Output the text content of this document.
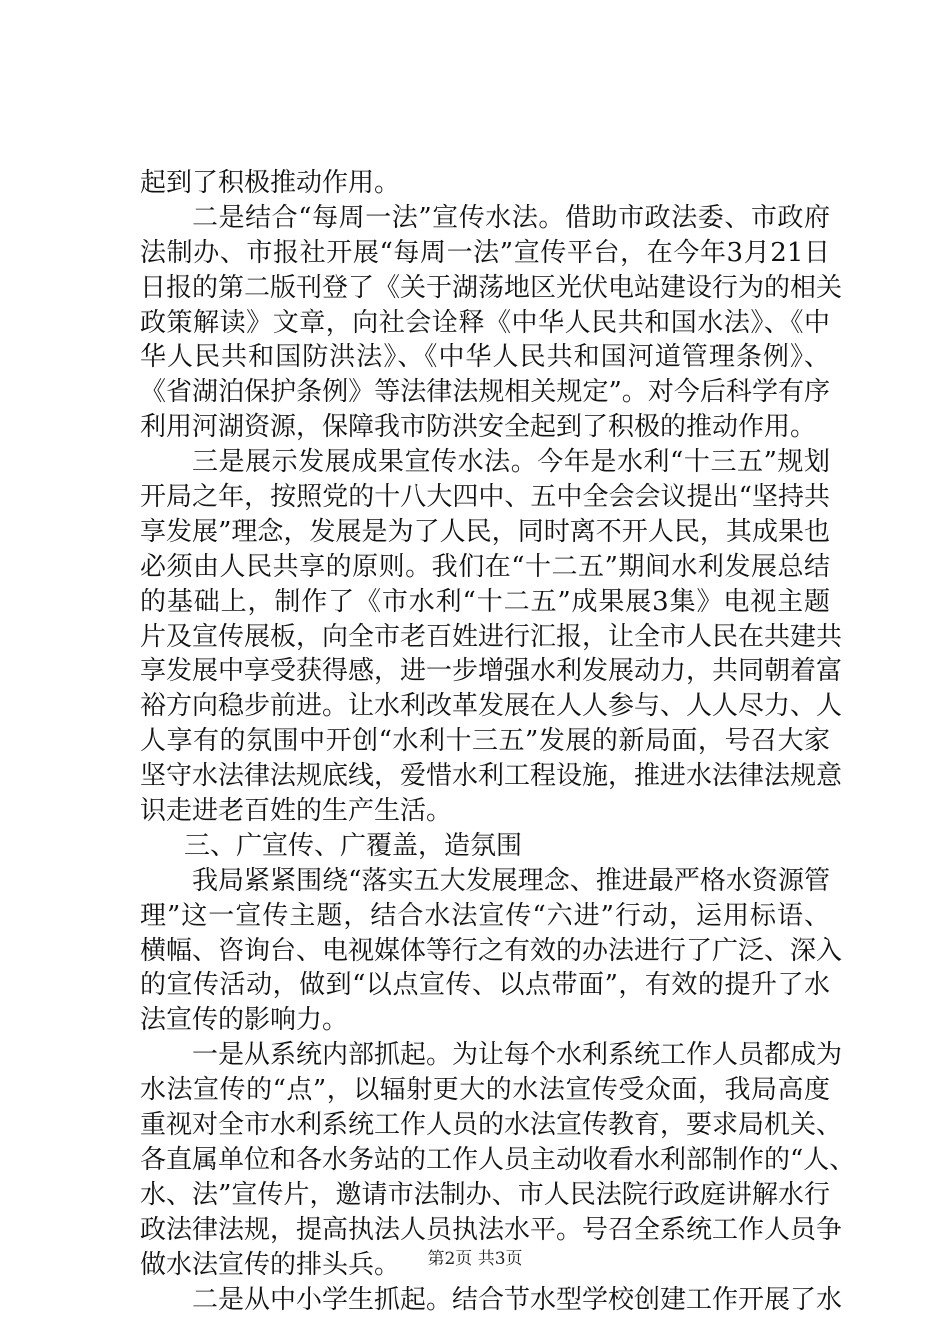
起到了积极推动作用。
二是结合“每周一法”宣传水法。借助市政法委、市政府
法制办、市报社开展“每周一法”宣传平台，在今年3月21日
日报的第二版刊登了《关于湖荡地区光伏电站建设行为的相关
政策解读》文章，向社会诠释《中华人民共和国水法》、《中
华人民共和国防洪法》、《中华人民共和国河道管理条例》、
《省湖泊保护条例》等法律法规相关规定”。对今后科学有序
利用河湖资源，保障我市防洪安全起到了积极的推动作用。
三是展示发展成果宣传水法。今年是水利“十三五”规划
开局之年，按照党的十八大四中、五中全会会议提出“坚持共
享发展”理念，发展是为了人民，同时离不开人民，其成果也
必须由人民共享的原则。我们在“十二五”期间水利发展总结
的基础上，制作了《市水利“十二五”成果展3集》电视主题
片及宣传展板，向全市老百姓进行汇报，让全市人民在共建共
享发展中享受获得感，进一步增强水利发展动力，共同朝着富
裕方向稳步前进。让水利改革发展在人人参与、人人尽力、人
人享有的氛围中开创“水利十三五”发展的新局面，号召大家
坚守水法律法规底线，爱惜水利工程设施，推进水法律法规意
识走进老百姓的生产生活。
三、广宣传、广覆盖，造氛围
我局紧紧围绕“落实五大发展理念、推进最严格水资源管
理”这一宣传主题，结合水法宣传“六进”行动，运用标语、
横幅、咨询台、电视媒体等行之有效的办法进行了广泛、深入
的宣传活动，做到“以点宣传、以点带面”，有效的提升了水
法宣传的影响力。
一是从系统内部抓起。为让每个水利系统工作人员都成为
水法宣传的“点”，以辐射更大的水法宣传受众面，我局高度
重视对全市水利系统工作人员的水法宣传教育，要求局机关、
各直属单位和各水务站的工作人员主动收看水利部制作的“人、
水、法”宣传片，邀请市法制办、市人民法院行政庭讲解水行
政法律法规，提高执法人员执法水平。号召全系统工作人员争
做水法宣传的排头兵。
二是从中小学生抓起。结合节水型学校创建工作开展了水
第2页 共3页
